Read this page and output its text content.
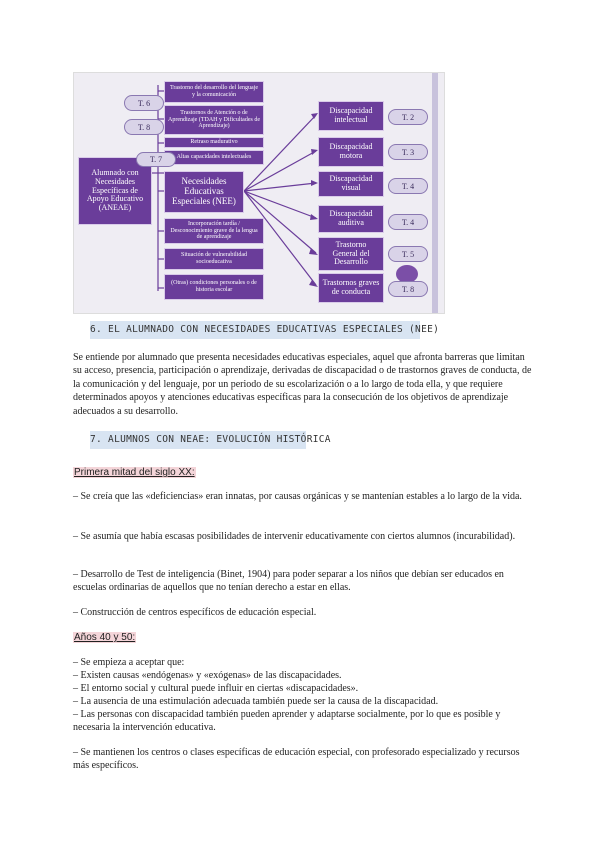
Alumnado con Necesidades Específicas de Apoyo Educativo (ANEAE)
Trastorno del desarrollo del lenguaje y la comunicación
Trastornos de Atención o de Aprendizaje (TDAH y Dificultades de Aprendizaje)
Retraso madurativo
Altas capacidades intelectuales
Necesidades Educativas Especiales (NEE)
Incorporación tardía / Desconocimiento grave de la lengua de aprendizaje
Situación de vulnerabilidad socioeducativa
(Otras) condiciones personales o de historia escolar
Discapacidad intelectual
Discapacidad motora
Discapacidad visual
Discapacidad auditiva
Trastorno General del Desarrollo
Trastornos graves de conducta
T. 6
T. 8
T. 7
T. 2
T. 3
T. 4
T. 4
T. 5
T. 8
6. EL ALUMNADO CON NECESIDADES EDUCATIVAS ESPECIALES (NEE)
Se entiende por alumnado que presenta necesidades educativas especiales, aquel que afronta barreras que limitan su acceso, presencia, participación o aprendizaje, derivadas de discapacidad o de trastornos graves de conducta, de la comunicación y del lenguaje, por un periodo de su escolarización o a lo largo de toda ella, y que requiere determinados apoyos y atenciones educativas específicas para la consecución de los objetivos de aprendizaje adecuados a su desarrollo.
7. ALUMNOS CON NEAE: EVOLUCIÓN HISTÓRICA
Primera mitad del siglo XX:
– Se creía que las «deficiencias» eran innatas, por causas orgánicas y se mantenían estables a lo largo de la vida.
– Se asumía que había escasas posibilidades de intervenir educativamente con ciertos alumnos (incurabilidad).
– Desarrollo de Test de inteligencia (Binet, 1904) para poder separar a los niños que debían ser educados en escuelas ordinarias de aquellos que no tenían derecho a estar en ellas.
– Construcción de centros específicos de educación especial.
Años 40 y 50:
– Se empieza a aceptar que:
– Existen causas «endógenas» y «exógenas» de las discapacidades.
– El entorno social y cultural puede influir en ciertas «discapacidades».
– La ausencia de una estimulación adecuada también puede ser la causa de la discapacidad.
– Las personas con discapacidad también pueden aprender y adaptarse socialmente, por lo que es posible y necesaria la intervención educativa.
– Se mantienen los centros o clases específicas de educación especial, con profesorado especializado y recursos más específicos.
